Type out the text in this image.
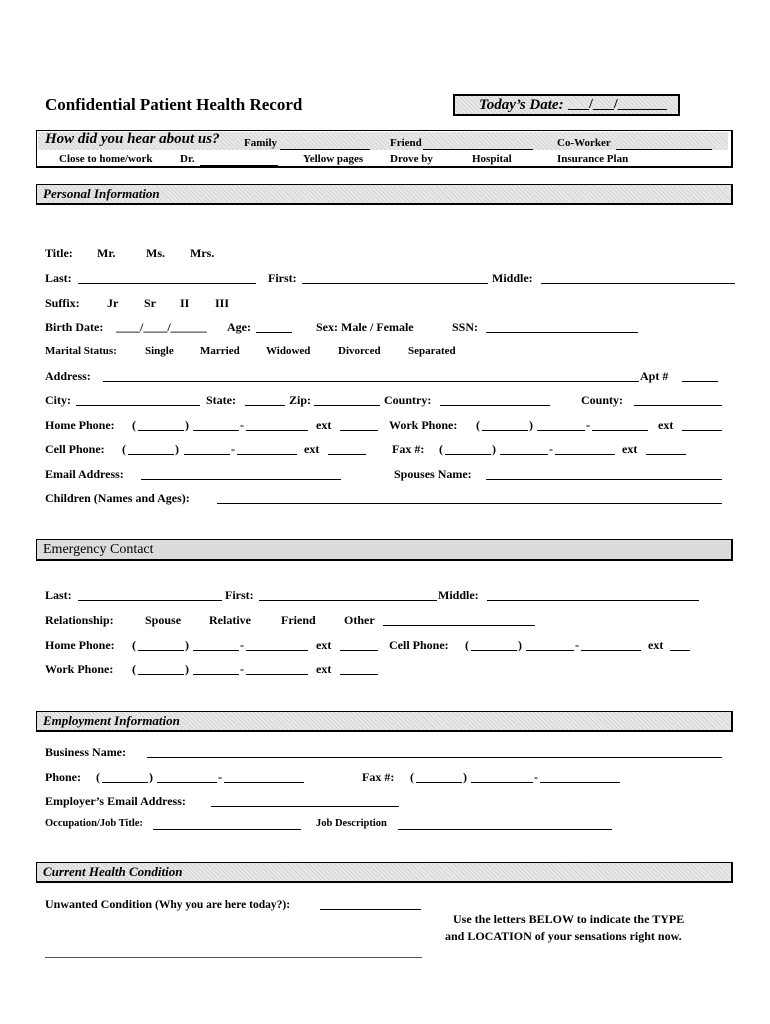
Confidential Patient Health Record	Today’s Date: ___/___/_______
How did you hear about us? Family	Friend	Co-Worker
Close to home/work	Dr.	Yellow pages Drove by	Hospital	Insurance Plan
Personal Information
Title: Mr.	Ms. Mrs.
Last:	First:	Middle:
Suffix: Jr Sr II III
Birth Date: ____/____/______ Age:	Sex: Male / Female	SSN:
Marital Status:	Single Married Widowed	Divorced Separated
Address:	Apt #
City:	State:	Zip:	Country:	County:
Home Phone: (	)	-	ext	Work Phone: (	)	-	ext
Cell Phone: (	)	-	ext	Fax #: (	)	-	ext
Email Address:	Spouses Name:
Children (Names and Ages):
Emergency Contact
Last:	First:	Middle:
Relationship:	Spouse Relative	Friend Other
Home Phone: (	)	-	ext	Cell Phone: (	)	-	ext
Work Phone: (	)	-	ext
Employment Information
Business Name:
Phone: (	)	-	Fax #: (	)	-
Employer’s Email Address:
Occupation/Job Title:	Job Description
Current Health Condition
Unwanted Condition (Why you are here today?):
Use the letters BELOW to indicate the TYPE
and LOCATION of your sensations right now.
